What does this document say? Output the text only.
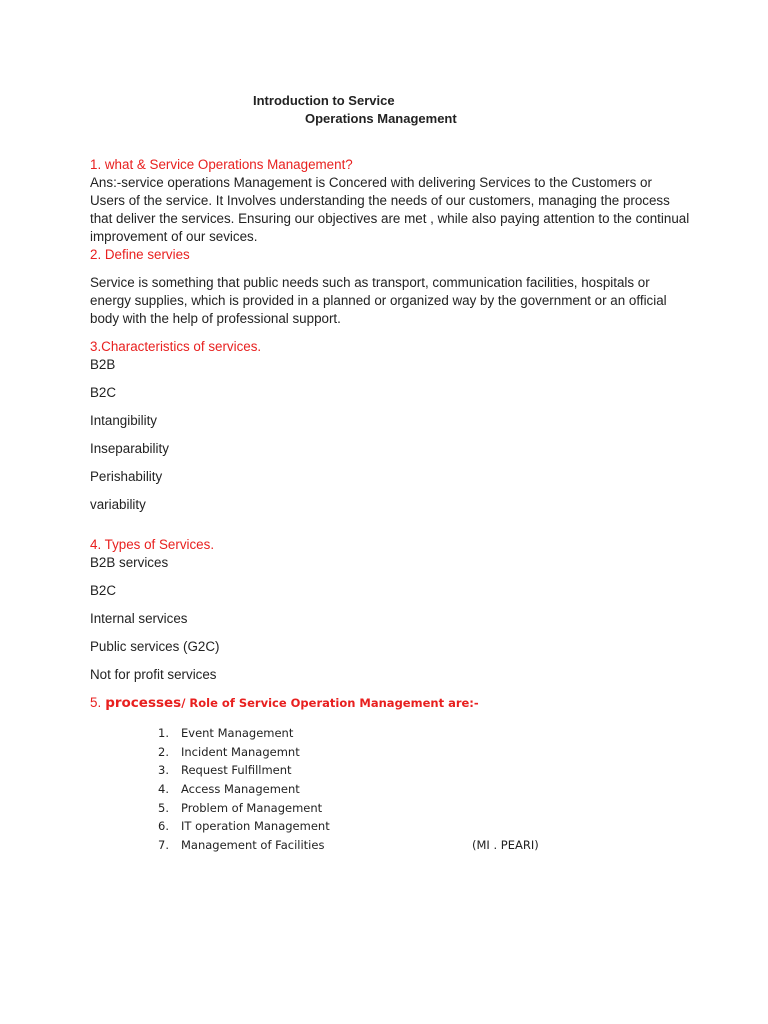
Introduction to Service
Operations Management

1. what & Service Operations Management?

Ans:-service operations Management is Concered with delivering Services to the Customers or Users of the service. It Involves understanding the needs of our customers, managing the process that deliver the services. Ensuring our objectives are met , while also paying attention to the continual improvement of our sevices.

2. Define servies

Service is something that public needs such as transport, communication facilities, hospitals or energy supplies, which is provided in a planned or organized way by the government or an official body with the help of professional support.

3.Characteristics of services.

B2B
B2C
Intangibility
Inseparability
Perishability
variability

4. Types of Services.

B2B services
B2C
Internal services
Public services (G2C)
Not for profit services

5. processes/ Role of Service Operation Management are:-

1. Event Management
2. Incident Managemnt
3. Request Fulfillment
4. Access Management
5. Problem of Management
6. IT operation Management
7. Management of Facilities	(MI . PEARI)
